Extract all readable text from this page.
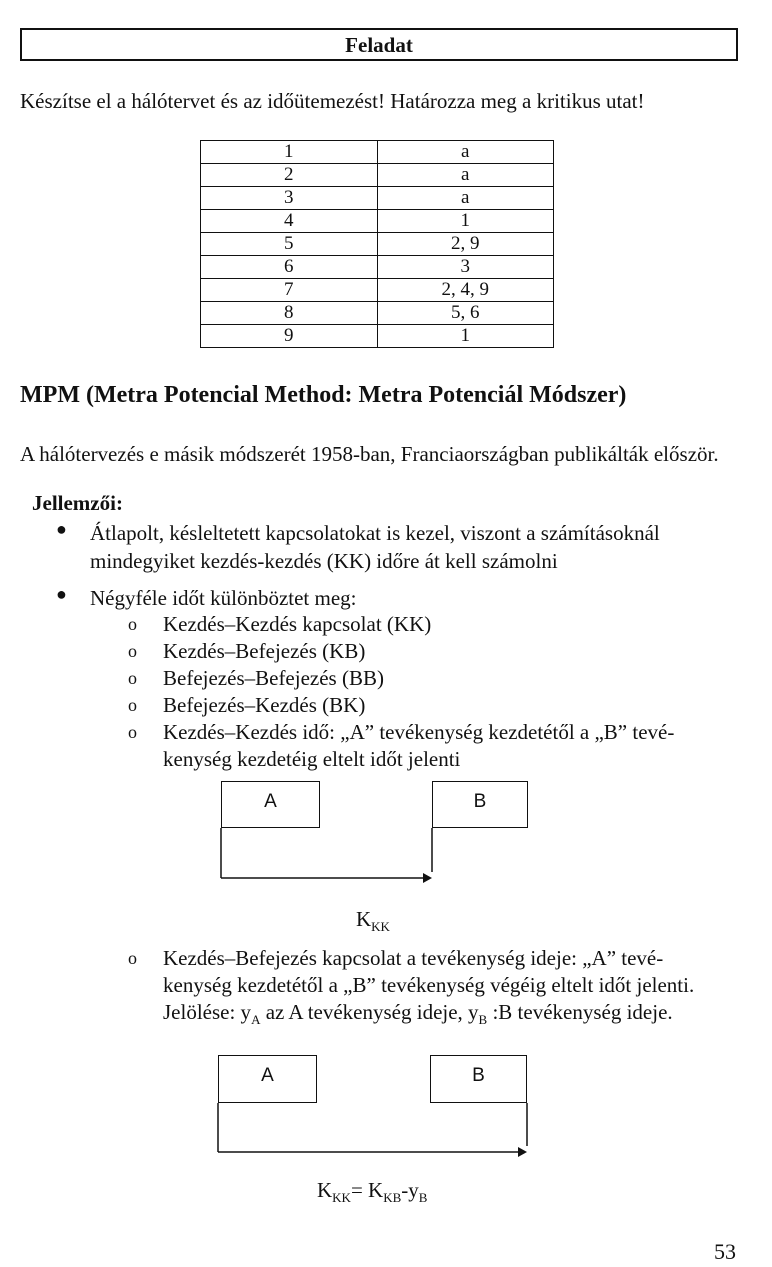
Feladat
Készítse el a hálótervet és az időütemezést! Határozza meg a kritikus utat!
1	a
2	a
3	a
4	1
5	2, 9
6	3
7	2, 4, 9
8	5, 6
9	1
MPM (Metra Potencial Method: Metra Potenciál Módszer)
A hálótervezés e másik módszerét 1958-ban, Franciaországban publikálták először.
Jellemzői:
● Átlapolt, késleltetett kapcsolatokat is kezel, viszont a számításoknál
mindegyiket kezdés-kezdés (KK) időre át kell számolni
● Négyféle időt különböztet meg:
o Kezdés–Kezdés kapcsolat (KK)
o Kezdés–Befejezés (KB)
o Befejezés–Befejezés (BB)
o Befejezés–Kezdés (BK)
o Kezdés–Kezdés idő: „A” tevékenység kezdetétől a „B” tevé-
kenység kezdetéig eltelt időt jelenti
A	B
$K_{KK}$
o Kezdés–Befejezés kapcsolat a tevékenység ideje: „A” tevé-
kenység kezdetétől a „B” tevékenység végéig eltelt időt jelenti.
Jelölése: $y_A$ az A tevékenység ideje, $y_B$ :B tevékenység ideje.
A	B
$K_{KK}= K_{KB}-y_B$
53
